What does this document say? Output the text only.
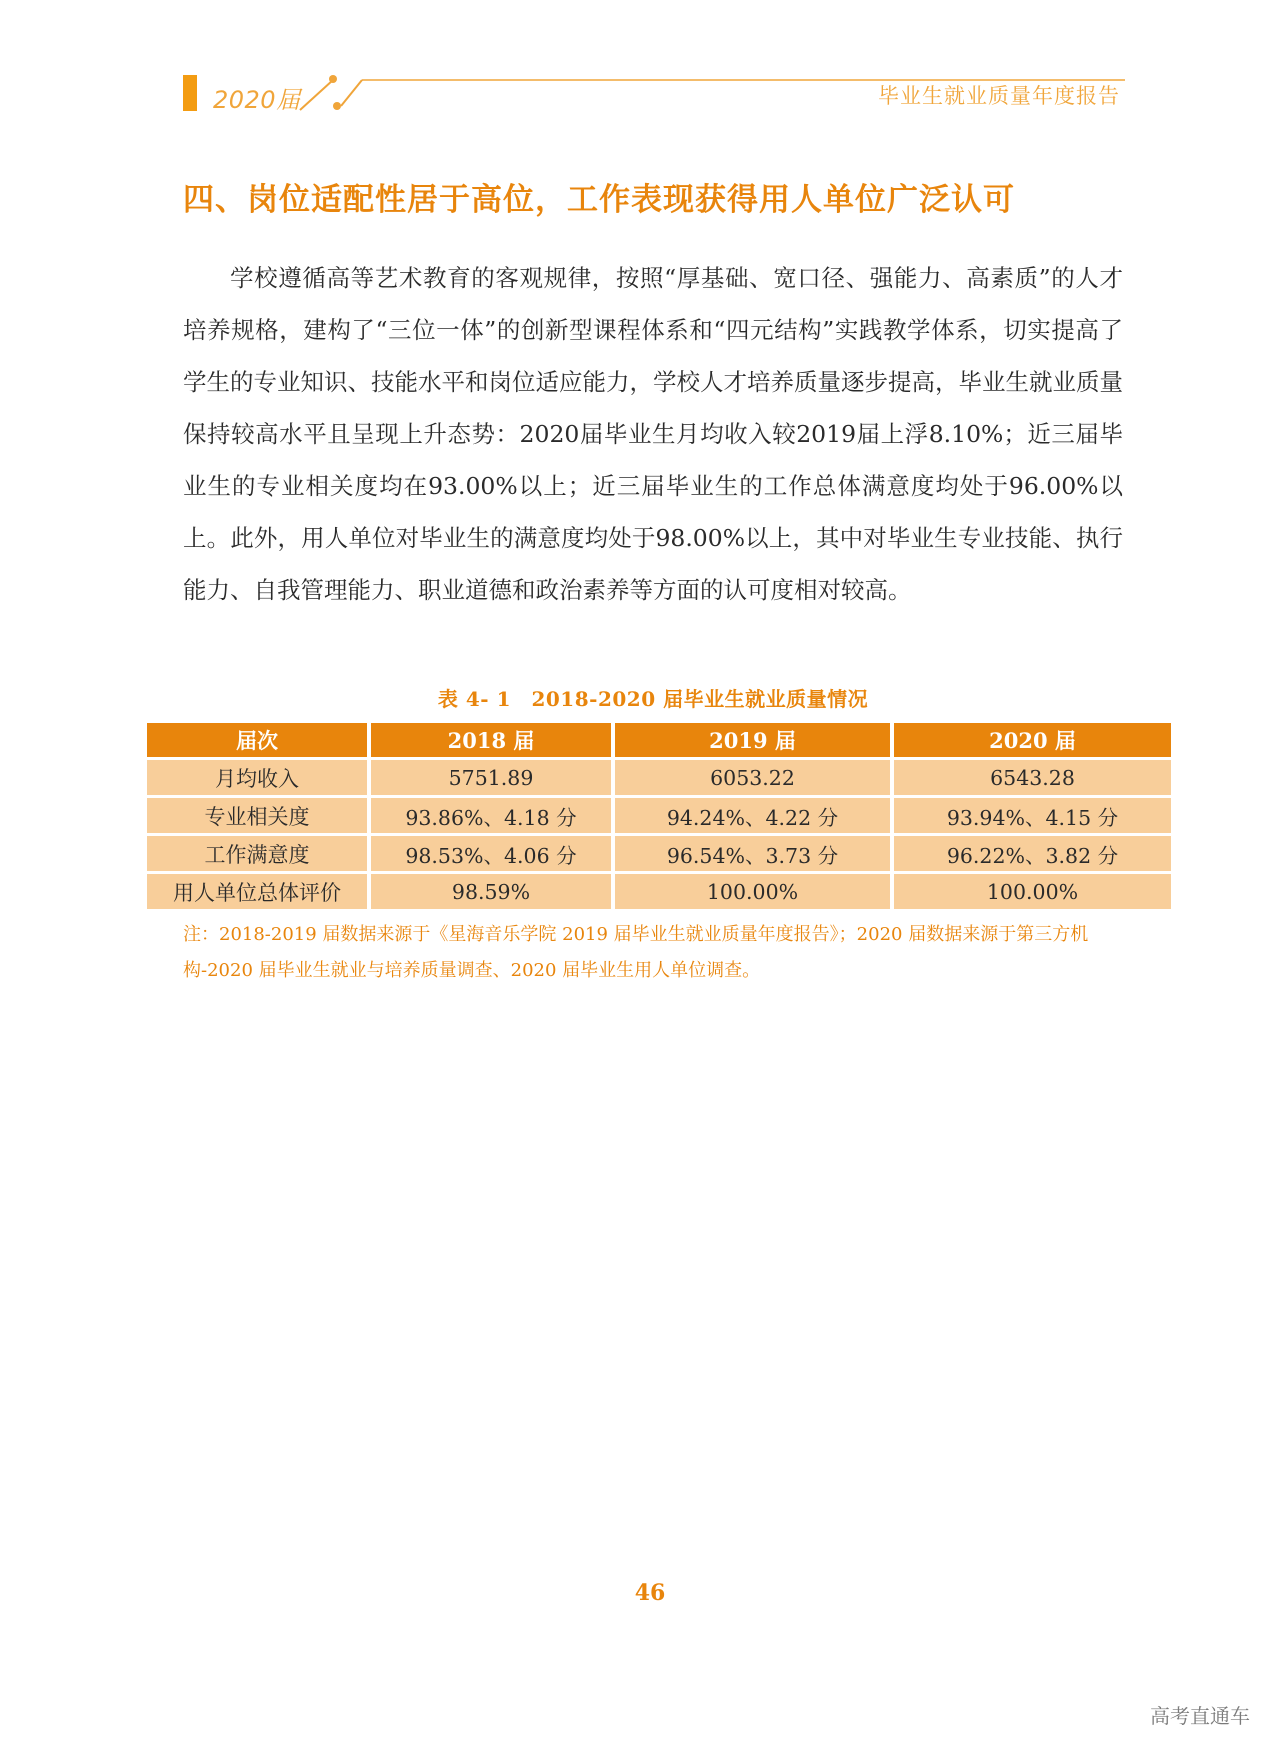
2020届	毕业生就业质量年度报告
四、岗位适配性居于高位，工作表现获得用人单位广泛认可

学校遵循高等艺术教育的客观规律，按照“厚基础、宽口径、强能力、高素质”的人才培养规格，建构了“三位一体”的创新型课程体系和“四元结构”实践教学体系，切实提高了学生的专业知识、技能水平和岗位适应能力，学校人才培养质量逐步提高，毕业生就业质量保持较高水平且呈现上升态势：2020届毕业生月均收入较2019届上浮8.10%；近三届毕业生的专业相关度均在93.00%以上；近三届毕业生的工作总体满意度均处于96.00%以上。此外，用人单位对毕业生的满意度均处于98.00%以上，其中对毕业生专业技能、执行能力、自我管理能力、职业道德和政治素养等方面的认可度相对较高。

表 4- 1　2018-2020 届毕业生就业质量情况
届次	2018 届	2019 届	2020 届
月均收入	5751.89	6053.22	6543.28
专业相关度	93.86%、4.18 分	94.24%、4.22 分	93.94%、4.15 分
工作满意度	98.53%、4.06 分	96.54%、3.73 分	96.22%、3.82 分
用人单位总体评价	98.59%	100.00%	100.00%

注：2018-2019 届数据来源于《星海音乐学院 2019 届毕业生就业质量年度报告》；2020 届数据来源于第三方机构-2020 届毕业生就业与培养质量调查、2020 届毕业生用人单位调查。

46
高考直通车
